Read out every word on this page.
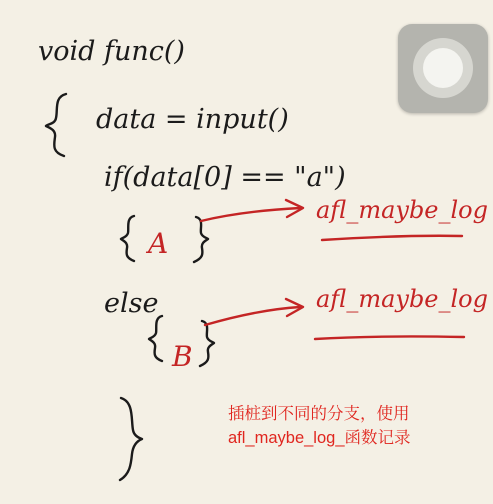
void func()
data = input()
if(data[0] == "a")
A
afl_maybe_log
else
B
afl_maybe_log
插桩到不同的分支，使用
afl_maybe_log_函数记录
